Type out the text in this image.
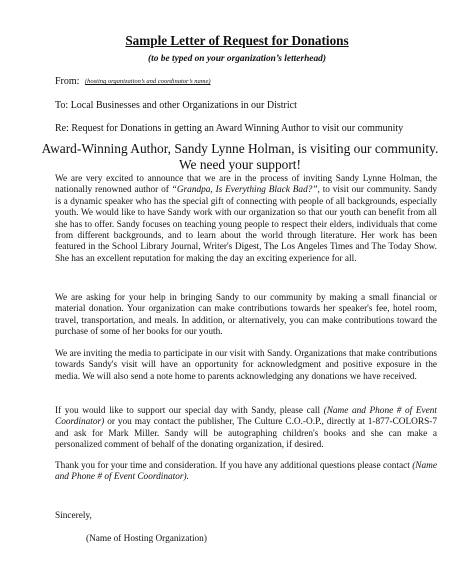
Sample Letter of Request for Donations
(to be typed on your organization’s letterhead)
From: (hosting organization’s and coordinator’s name)
To: Local Businesses and other Organizations in our District
Re: Request for Donations in getting an Award Winning Author to visit our community
Award-Winning Author, Sandy Lynne Holman, is visiting our community. We need your support!
We are very excited to announce that we are in the process of inviting Sandy Lynne Holman, the nationally renowned author of “Grandpa, Is Everything Black Bad?”, to visit our community. Sandy is a dynamic speaker who has the special gift of connecting with people of all backgrounds, especially youth. We would like to have Sandy work with our organization so that our youth can benefit from all she has to offer. Sandy focuses on teaching young people to respect their elders, individuals that come from different backgrounds, and to learn about the world through literature. Her work has been featured in the School Library Journal, Writer's Digest, The Los Angeles Times and The Today Show. She has an excellent reputation for making the day an exciting experience for all.
We are asking for your help in bringing Sandy to our community by making a small financial or material donation. Your organization can make contributions towards her speaker's fee, hotel room, travel, transportation, and meals. In addition, or alternatively, you can make contributions toward the purchase of some of her books for our youth.
We are inviting the media to participate in our visit with Sandy. Organizations that make contributions towards Sandy's visit will have an opportunity for acknowledgment and positive exposure in the media. We will also send a note home to parents acknowledging any donations we have received.
If you would like to support our special day with Sandy, please call (Name and Phone # of Event Coordinator) or you may contact the publisher, The Culture C.O.-O.P., directly at 1-877-COLORS-7 and ask for Mark Miller. Sandy will be autographing children's books and she can make a personalized comment of behalf of the donating organization, if desired.
Thank you for your time and consideration. If you have any additional questions please contact (Name and Phone # of Event Coordinator).
Sincerely,
(Name of Hosting Organization)
